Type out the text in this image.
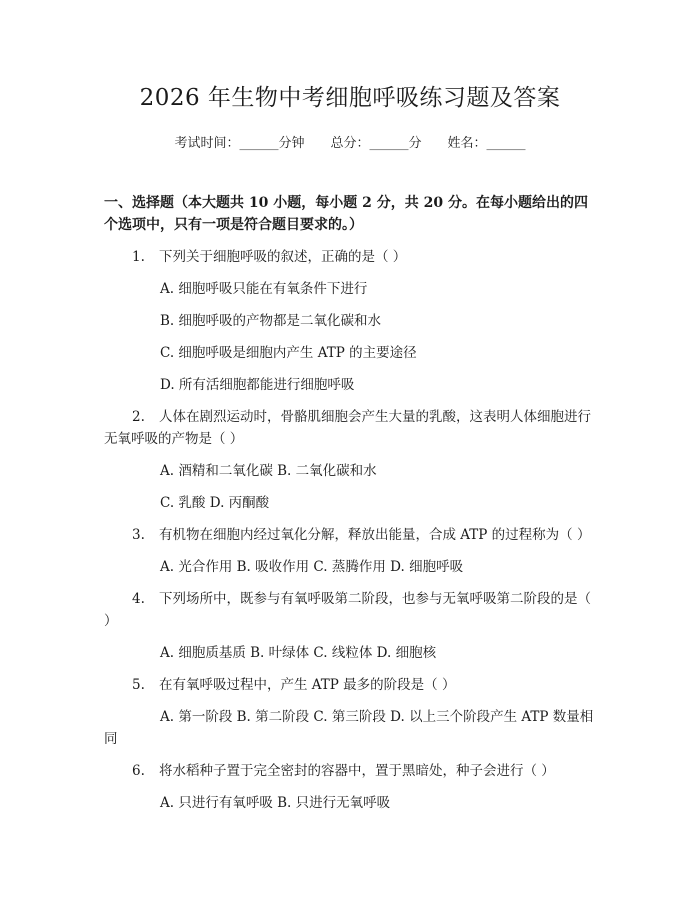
2026 年生物中考细胞呼吸练习题及答案
考试时间：______分钟 总分：______分 姓名：______
一、选择题（本大题共 10 小题，每小题 2 分，共 20 分。在每小题给出的四个选项中，只有一项是符合题目要求的。）
1. 下列关于细胞呼吸的叙述，正确的是（ ）
A. 细胞呼吸只能在有氧条件下进行
B. 细胞呼吸的产物都是二氧化碳和水
C. 细胞呼吸是细胞内产生 ATP 的主要途径
D. 所有活细胞都能进行细胞呼吸
2. 人体在剧烈运动时，骨骼肌细胞会产生大量的乳酸，这表明人体细胞进行无氧呼吸的产物是（ ）
A. 酒精和二氧化碳 B. 二氧化碳和水
C. 乳酸 D. 丙酮酸
3. 有机物在细胞内经过氧化分解，释放出能量，合成 ATP 的过程称为（ ）
A. 光合作用 B. 吸收作用 C. 蒸腾作用 D. 细胞呼吸
4. 下列场所中，既参与有氧呼吸第二阶段，也参与无氧呼吸第二阶段的是（ ）
A. 细胞质基质 B. 叶绿体 C. 线粒体 D. 细胞核
5. 在有氧呼吸过程中，产生 ATP 最多的阶段是（ ）
A. 第一阶段 B. 第二阶段 C. 第三阶段 D. 以上三个阶段产生 ATP 数量相同
6. 将水稻种子置于完全密封的容器中，置于黑暗处，种子会进行（ ）
A. 只进行有氧呼吸 B. 只进行无氧呼吸
